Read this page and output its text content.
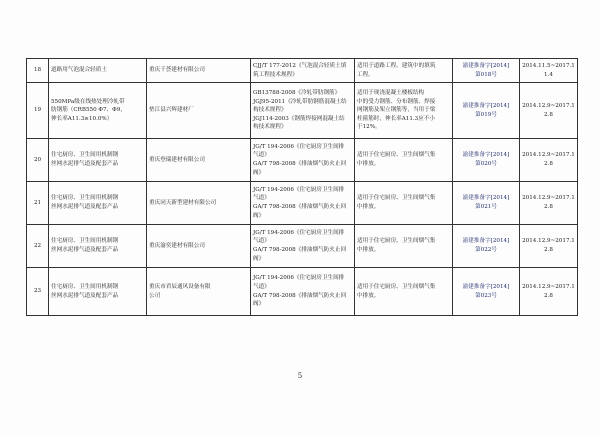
18	道路用气泡混合轻质土	重庆千荟建材有限公司	CJJ/T 177-2012《气泡混合轻质土填
筑工程技术规程》	适用于道路工程、建筑中的填筑
工程。	渝建推备字[2014]
第018号	2014.11.5~2017.11.4
19	550MPa级在线热处理冷轧带
肋钢筋（CRB550 Φ7、Φ9，
伸长率A11.3≥10.0%）	垫江县兴辉建材厂	GB13788-2008《冷轧带肋钢筋》
JGJ95-2011《冷轧带肋钢筋混凝土结
构技术规程》
JGJ114-2003《钢筋焊接网混凝土结
构技术规程》	适用于现浇混凝土楼板结构
中的受力钢筋、分布钢筋、焊接
网钢筋及架立钢筋等，当用于梁
柱箍筋时，伸长率A11.3应不小
于12%。	渝建推备字[2014]
第019号	2014.12.9~2017.12.8
20	住宅厨房、卫生间用机制钢
丝网水泥排气道及配套产品	重庆登瑞建材有限公司	JG/T 194-2006《住宅厨房卫生间排
气道》
GA/T 798-2008《排油烟气防火止回
阀》	适用于住宅厨房、卫生间烟气集
中排放。	渝建推备字[2014]
第020号	2014.12.9~2017.12.8
21	住宅厨房、卫生间用机制钢
丝网水泥排气道及配套产品	重庆同天新型建材有限公司	JG/T 194-2006《住宅厨房卫生间排
气道》
GA/T 798-2008《排油烟气防火止回
阀》	适用于住宅厨房、卫生间烟气集
中排放。	渝建推备字[2014]
第021号	2014.12.9~2017.12.8
22	住宅厨房、卫生间用机制钢
丝网水泥排气道及配套产品	重庆渝奕建材有限公司	JG/T 194-2006《住宅厨房卫生间排
气道》
GA/T 798-2008《排油烟气防火止回
阀》	适用于住宅厨房、卫生间烟气集
中排放。	渝建推备字[2014]
第022号	2014.12.9~2017.12.8
23	住宅厨房、卫生间用机制钢
丝网水泥排气道及配套产品	重庆市君辰通风设备有限
公司	JG/T 194-2006《住宅厨房卫生间排
气道》
GA/T 798-2008《排油烟气防火止回
阀》	适用于住宅厨房、卫生间烟气集
中排放。	渝建推备字[2014]
第023号	2014.12.9~2017.12.8
5
